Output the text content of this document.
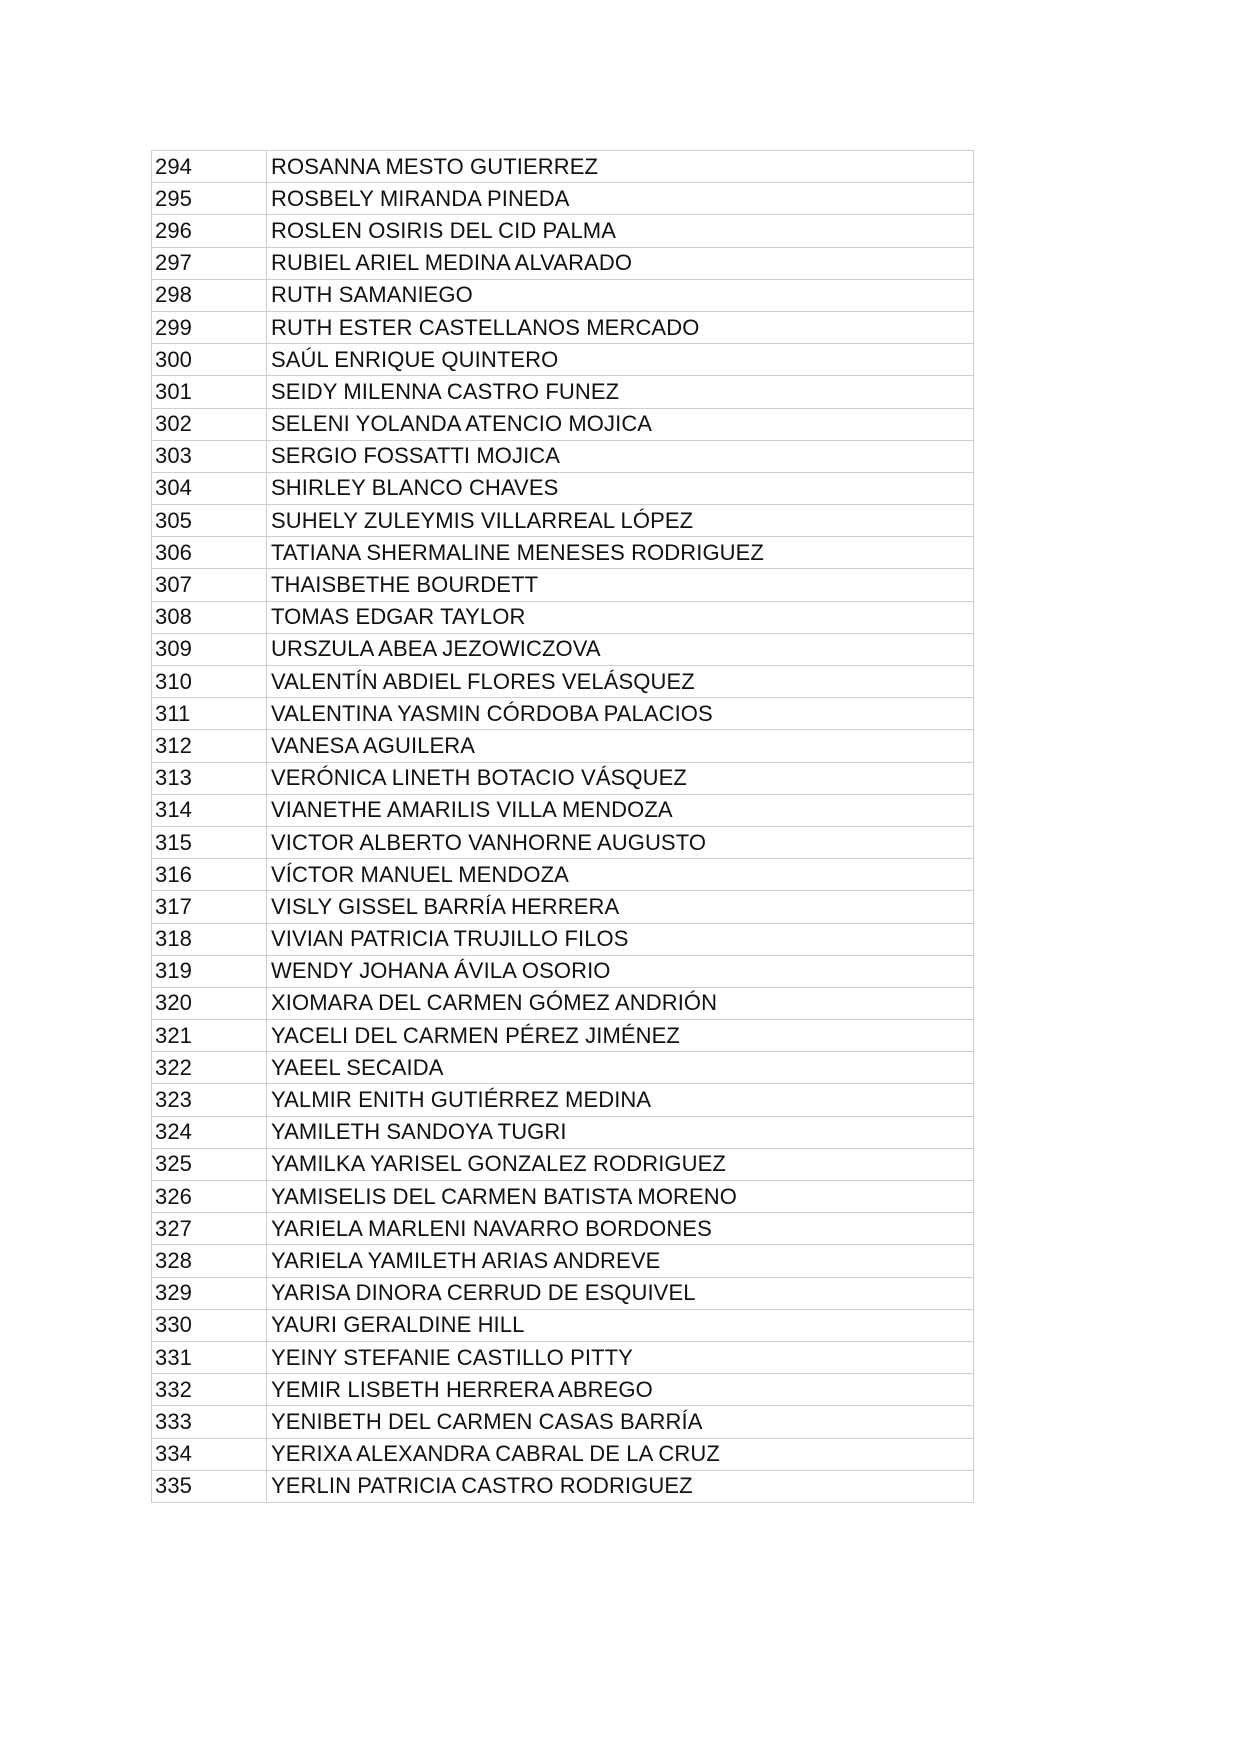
294	ROSANNA MESTO GUTIERREZ
295	ROSBELY MIRANDA PINEDA
296	ROSLEN OSIRIS DEL CID PALMA
297	RUBIEL ARIEL MEDINA ALVARADO
298	RUTH SAMANIEGO
299	RUTH ESTER CASTELLANOS MERCADO
300	SAÚL ENRIQUE QUINTERO
301	SEIDY MILENNA CASTRO FUNEZ
302	SELENI YOLANDA ATENCIO MOJICA
303	SERGIO FOSSATTI MOJICA
304	SHIRLEY BLANCO CHAVES
305	SUHELY ZULEYMIS VILLARREAL LÓPEZ
306	TATIANA SHERMALINE MENESES RODRIGUEZ
307	THAISBETHE BOURDETT
308	TOMAS EDGAR TAYLOR
309	URSZULA ABEA JEZOWICZOVA
310	VALENTÍN ABDIEL FLORES VELÁSQUEZ
311	VALENTINA YASMIN CÓRDOBA PALACIOS
312	VANESA AGUILERA
313	VERÓNICA LINETH BOTACIO VÁSQUEZ
314	VIANETHE AMARILIS VILLA MENDOZA
315	VICTOR ALBERTO VANHORNE AUGUSTO
316	VÍCTOR MANUEL MENDOZA
317	VISLY GISSEL BARRÍA HERRERA
318	VIVIAN PATRICIA TRUJILLO FILOS
319	WENDY JOHANA ÁVILA OSORIO
320	XIOMARA DEL CARMEN GÓMEZ ANDRIÓN
321	YACELI DEL CARMEN PÉREZ JIMÉNEZ
322	YAEEL SECAIDA
323	YALMIR ENITH GUTIÉRREZ MEDINA
324	YAMILETH SANDOYA TUGRI
325	YAMILKA YARISEL GONZALEZ RODRIGUEZ
326	YAMISELIS DEL CARMEN BATISTA MORENO
327	YARIELA MARLENI NAVARRO BORDONES
328	YARIELA YAMILETH ARIAS ANDREVE
329	YARISA DINORA CERRUD DE ESQUIVEL
330	YAURI GERALDINE HILL
331	YEINY STEFANIE CASTILLO PITTY
332	YEMIR LISBETH HERRERA ABREGO
333	YENIBETH DEL CARMEN CASAS BARRÍA
334	YERIXA ALEXANDRA CABRAL DE LA CRUZ
335	YERLIN PATRICIA CASTRO RODRIGUEZ
